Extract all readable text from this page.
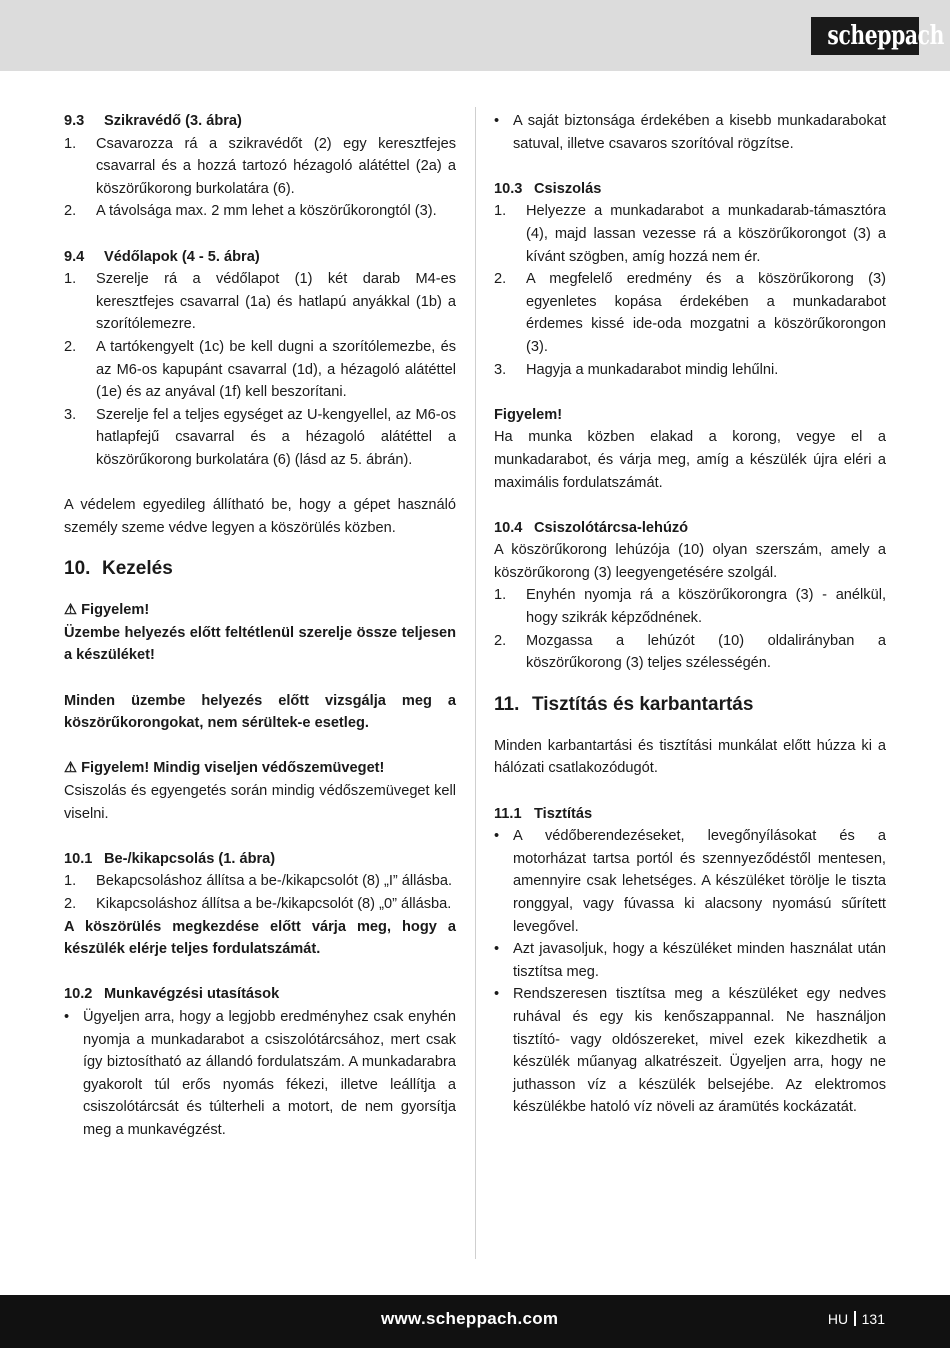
scheppach

9.3 Szikravédő (3. ábra)

1. Csavarozza rá a szikravédőt (2) egy keresztfejes csavarral és a hozzá tartozó hézagoló alátéttel (2a) a köszörűkorong burkolatára (6).
2. A távolsága max. 2 mm lehet a köszörűkorongtól (3).

9.4 Védőlapok (4 - 5. ábra)

1. Szerelje rá a védőlapot (1) két darab M4-es keresztfejes csavarral (1a) és hatlapú anyákkal (1b) a szorítólemezre.
2. A tartókengyelt (1c) be kell dugni a szorítólemezbe, és az M6-os kapupánt csavarral (1d), a hézagoló alátéttel (1e) és az anyával (1f) kell beszorítani.
3. Szerelje fel a teljes egységet az U-kengyellel, az M6-os hatlapfejű csavarral és a hézagoló alátéttel a köszörűkorong burkolatára (6) (lásd az 5. ábrán).

A védelem egyedileg állítható be, hogy a gépet használó személy szeme védve legyen a köszörülés közben.

10. Kezelés

⚠ Figyelem!

Üzembe helyezés előtt feltétlenül szerelje össze teljesen a készüléket!

Minden üzembe helyezés előtt vizsgálja meg a köszörűkorongokat, nem sérültek-e esetleg.

⚠ Figyelem! Mindig viseljen védőszemüveget!

Csiszolás és egyengetés során mindig védőszemüveget kell viselni.

10.1 Be-/kikapcsolás (1. ábra)

1. Bekapcsoláshoz állítsa a be-/kikapcsolót (8) „I” állásba.
2. Kikapcsoláshoz állítsa a be-/kikapcsolót (8) „0” állásba.

A köszörülés megkezdése előtt várja meg, hogy a készülék elérje teljes fordulatszámát.

10.2 Munkavégzési utasítások

• Ügyeljen arra, hogy a legjobb eredményhez csak enyhén nyomja a munkadarabot a csiszolótárcsához, mert csak így biztosítható az állandó fordulatszám. A munkadarabra gyakorolt túl erős nyomás fékezi, illetve leállítja a csiszolótárcsát és túlterheli a motort, de nem gyorsítja meg a munkavégzést.
• A saját biztonsága érdekében a kisebb munkadarabokat satuval, illetve csavaros szorítóval rögzítse.

10.3 Csiszolás

1. Helyezze a munkadarabot a munkadarab-támasztóra (4), majd lassan vezesse rá a köszörűkorongot (3) a kívánt szögben, amíg hozzá nem ér.
2. A megfelelő eredmény és a köszörűkorong (3) egyenletes kopása érdekében a munkadarabot érdemes kissé ide-oda mozgatni a köszörűkorongon (3).
3. Hagyja a munkadarabot mindig lehűlni.

Figyelem!

Ha munka közben elakad a korong, vegye el a munkadarabot, és várja meg, amíg a készülék újra eléri a maximális fordulatszámát.

10.4 Csiszolótárcsa-lehúzó

A köszörűkorong lehúzója (10) olyan szerszám, amely a köszörűkorong (3) leegyengetésére szolgál.

1. Enyhén nyomja rá a köszörűkorongra (3) - anélkül, hogy szikrák képződnének.
2. Mozgassa a lehúzót (10) oldalirányban a köszörűkorong (3) teljes szélességén.

11. Tisztítás és karbantartás

Minden karbantartási és tisztítási munkálat előtt húzza ki a hálózati csatlakozódugót.

11.1 Tisztítás

• A védőberendezéseket, levegőnyílásokat és a motorházat tartsa portól és szennyeződéstől mentesen, amennyire csak lehetséges. A készüléket törölje le tiszta ronggyal, vagy fúvassa ki alacsony nyomású sűrített levegővel.
• Azt javasoljuk, hogy a készüléket minden használat után tisztítsa meg.
• Rendszeresen tisztítsa meg a készüléket egy nedves ruhával és egy kis kenőszappannal. Ne használjon tisztító- vagy oldószereket, mivel ezek kikezdhetik a készülék műanyag alkatrészeit. Ügyeljen arra, hogy ne juthasson víz a készülék belsejébe. Az elektromos készülékbe hatoló víz növeli az áramütés kockázatát.
www.scheppach.com	HU 131
